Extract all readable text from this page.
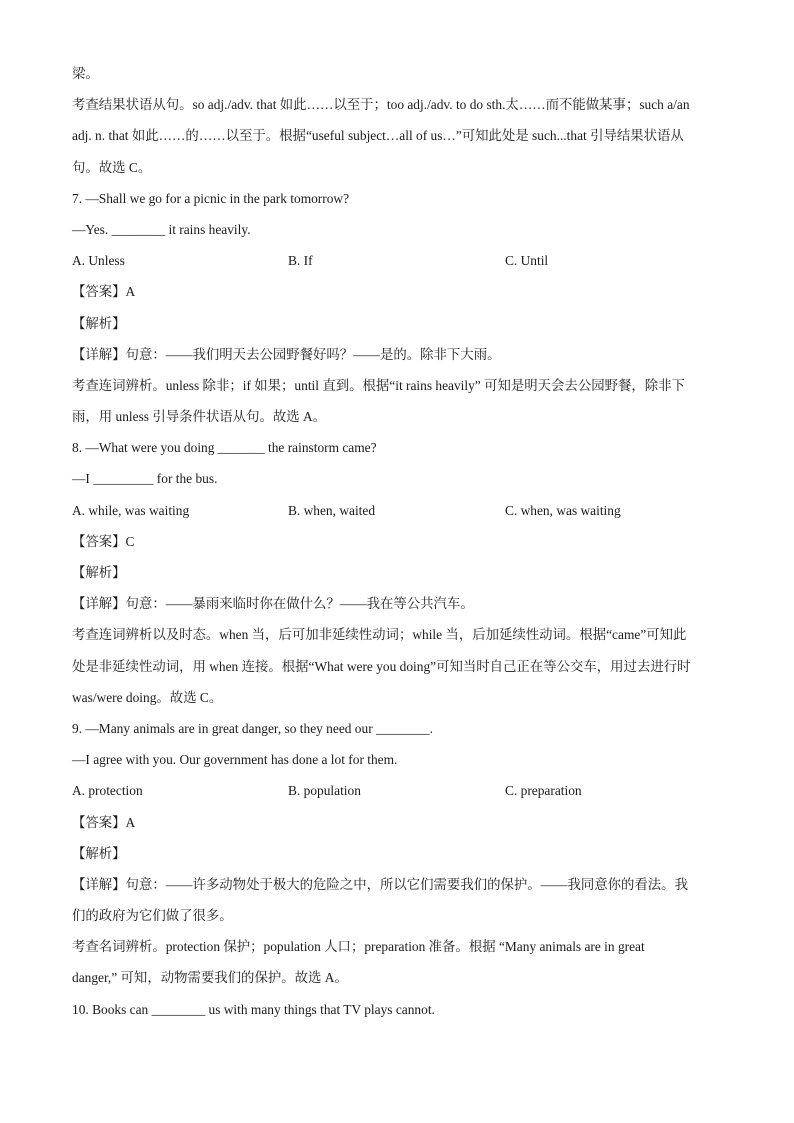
梁。
考查结果状语从句。so adj./adv. that 如此……以至于；too adj./adv. to do sth.太……而不能做某事；such a/an
adj. n. that 如此……的……以至于。根据“useful subject…all of us…”可知此处是 such...that 引导结果状语从
句。故选 C。
7. —Shall we go for a picnic in the park tomorrow?
—Yes. ________ it rains heavily.
A. Unless	B. If	C. Until
【答案】A
【解析】
【详解】句意：——我们明天去公园野餐好吗？——是的。除非下大雨。
考查连词辨析。unless 除非；if 如果；until 直到。根据“it rains heavily” 可知是明天会去公园野餐，除非下
雨，用 unless 引导条件状语从句。故选 A。
8. —What were you doing _______ the rainstorm came?
—I _________ for the bus.
A. while, was waiting	B. when, waited	C. when, was waiting
【答案】C
【解析】
【详解】句意：——暴雨来临时你在做什么？——我在等公共汽车。
考查连词辨析以及时态。when 当，后可加非延续性动词；while 当，后加延续性动词。根据“came”可知此
处是非延续性动词，用 when 连接。根据“What were you doing”可知当时自己正在等公交车，用过去进行时
was/were doing。故选 C。
9. —Many animals are in great danger, so they need our ________.
—I agree with you. Our government has done a lot for them.
A. protection	B. population	C. preparation
【答案】A
【解析】
【详解】句意：——许多动物处于极大的危险之中，所以它们需要我们的保护。——我同意你的看法。我
们的政府为它们做了很多。
考查名词辨析。protection 保护；population 人口；preparation 准备。根据 “Many animals are in great
danger,” 可知，动物需要我们的保护。故选 A。
10. Books can ________ us with many things that TV plays cannot.
